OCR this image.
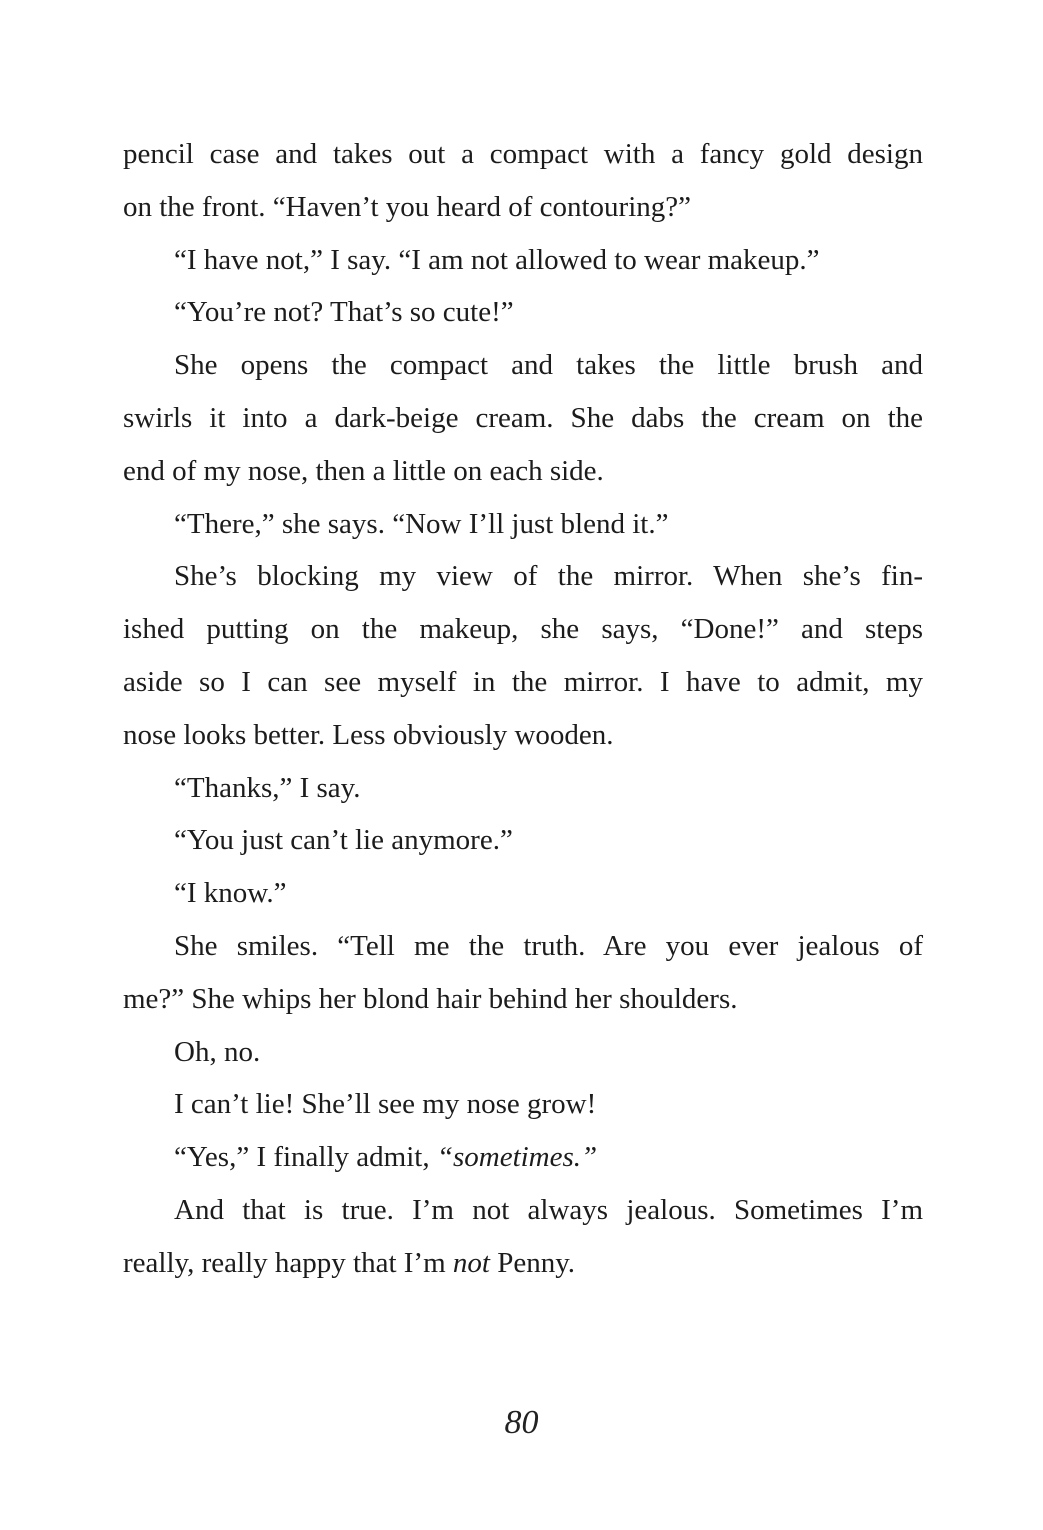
pencil case and takes out a compact with a fancy gold design
on the front. “Haven’t you heard of contouring?”
“I have not,” I say. “I am not allowed to wear makeup.”
“You’re not? That’s so cute!”
She opens the compact and takes the little brush and
swirls it into a dark-beige cream. She dabs the cream on the
end of my nose, then a little on each side.
“There,” she says. “Now I’ll just blend it.”
She’s blocking my view of the mirror. When she’s fin-
ished putting on the makeup, she says, “Done!” and steps
aside so I can see myself in the mirror. I have to admit, my
nose looks better. Less obviously wooden.
“Thanks,” I say.
“You just can’t lie anymore.”
“I know.”
She smiles. “Tell me the truth. Are you ever jealous of
me?” She whips her blond hair behind her shoulders.
Oh, no.
I can’t lie! She’ll see my nose grow!
“Yes,” I finally admit, “sometimes.”
And that is true. I’m not always jealous. Sometimes I’m
really, really happy that I’m not Penny.
80
